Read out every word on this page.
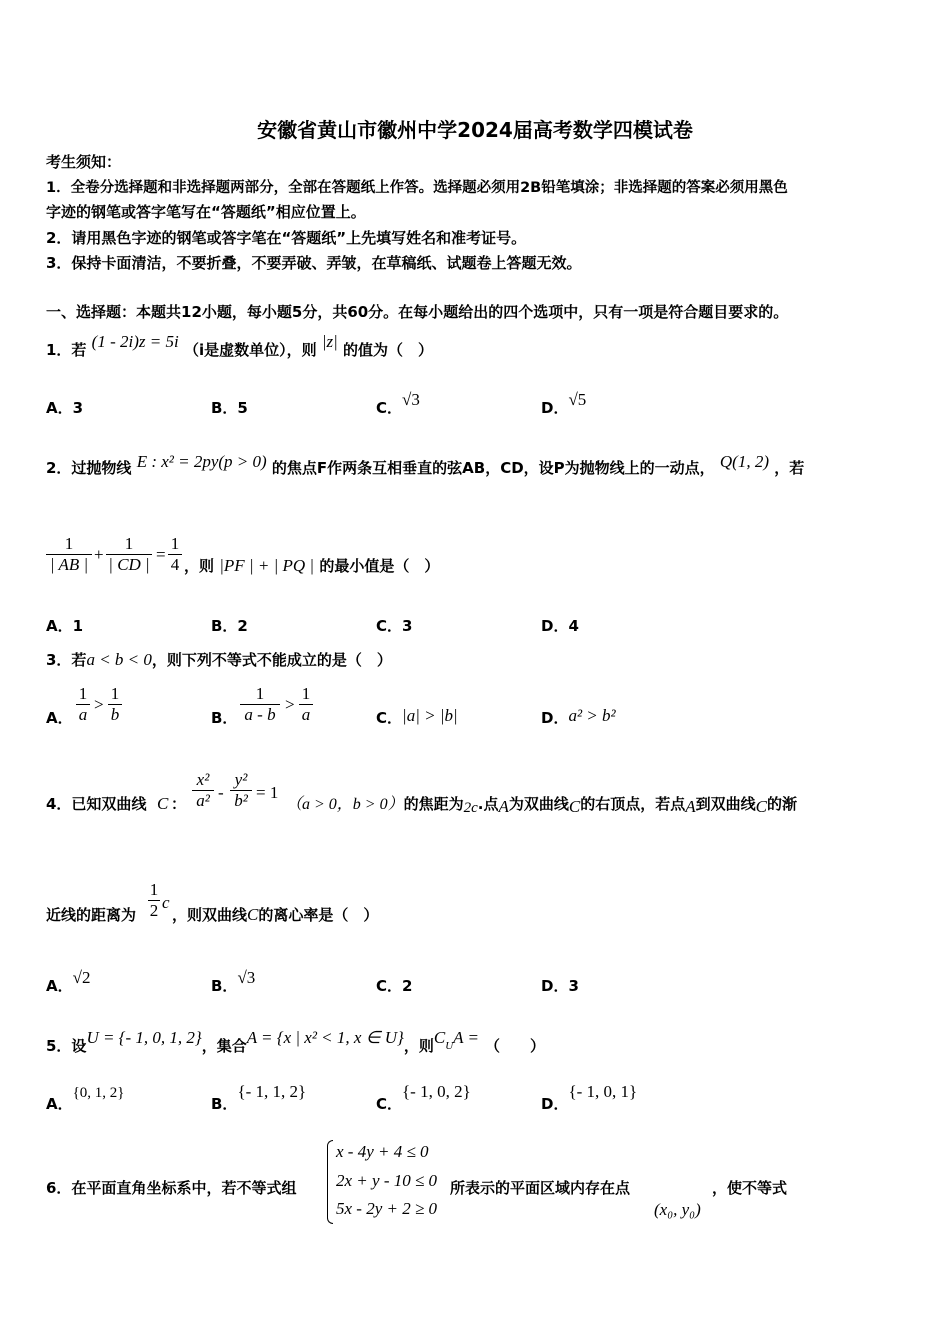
安徽省黄山市徽州中学2024届高考数学四模试卷
考生须知：
1．全卷分选择题和非选择题两部分，全部在答题纸上作答。选择题必须用2B铅笔填涂；非选择题的答案必须用黑色
字迹的钢笔或答字笔写在“答题纸”相应位置上。
2．请用黑色字迹的钢笔或答字笔在“答题纸”上先填写姓名和准考证号。
3．保持卡面清洁，不要折叠，不要弄破、弄皱，在草稿纸、试题卷上答题无效。
一、选择题：本题共12小题，每小题5分，共60分。在每小题给出的四个选项中，只有一项是符合题目要求的。
1．若 (1 - 2i)z = 5i （i是虚数单位），则 |z| 的值为（　）
A．3	B．5	C．√3	D．√5
2．过抛物线 E : x² = 2py(p > 0) 的焦点F作两条互相垂直的弦AB，CD，设P为抛物线上的一动点， Q(1, 2) ，若
1
| AB |
+
1
| CD |
=
1
4 ，则 |PF | + | PQ | 的最小值是（　）
A．1	B．2	C．3	D．4
3．若a < b < 0，则下列不等式不能成立的是（　）
A．
1
a
>
1
b	B．
1
a - b
>
1
a	C．|a| > |b|	D．a² > b²
4．已知双曲线 C ：
x²
a² -
y²
b² = 1
（a > 0，b > 0）的焦距为2c.点A为双曲线C的右顶点，若点A到双曲线C的渐
近线的距离为
1
2 c
，则双曲线C的离心率是（　）
A．√2	B．√3	C．2	D．3
5．设U = {- 1, 0, 1, 2}，集合A = {x | x² < 1, x ∈ U}，则CUA = （　　）
A．{0, 1, 2}
B．{- 1, 1, 2}
C．{- 1, 0, 2}
D．{- 1, 0, 1}
6．在平面直角坐标系中，若不等式组
x - 4y + 4 ≤ 0
2x + y - 10 ≤ 0
5x - 2y + 2 ≥ 0
所表示的平面区域内存在点
(x₀, y₀)
，使不等式
